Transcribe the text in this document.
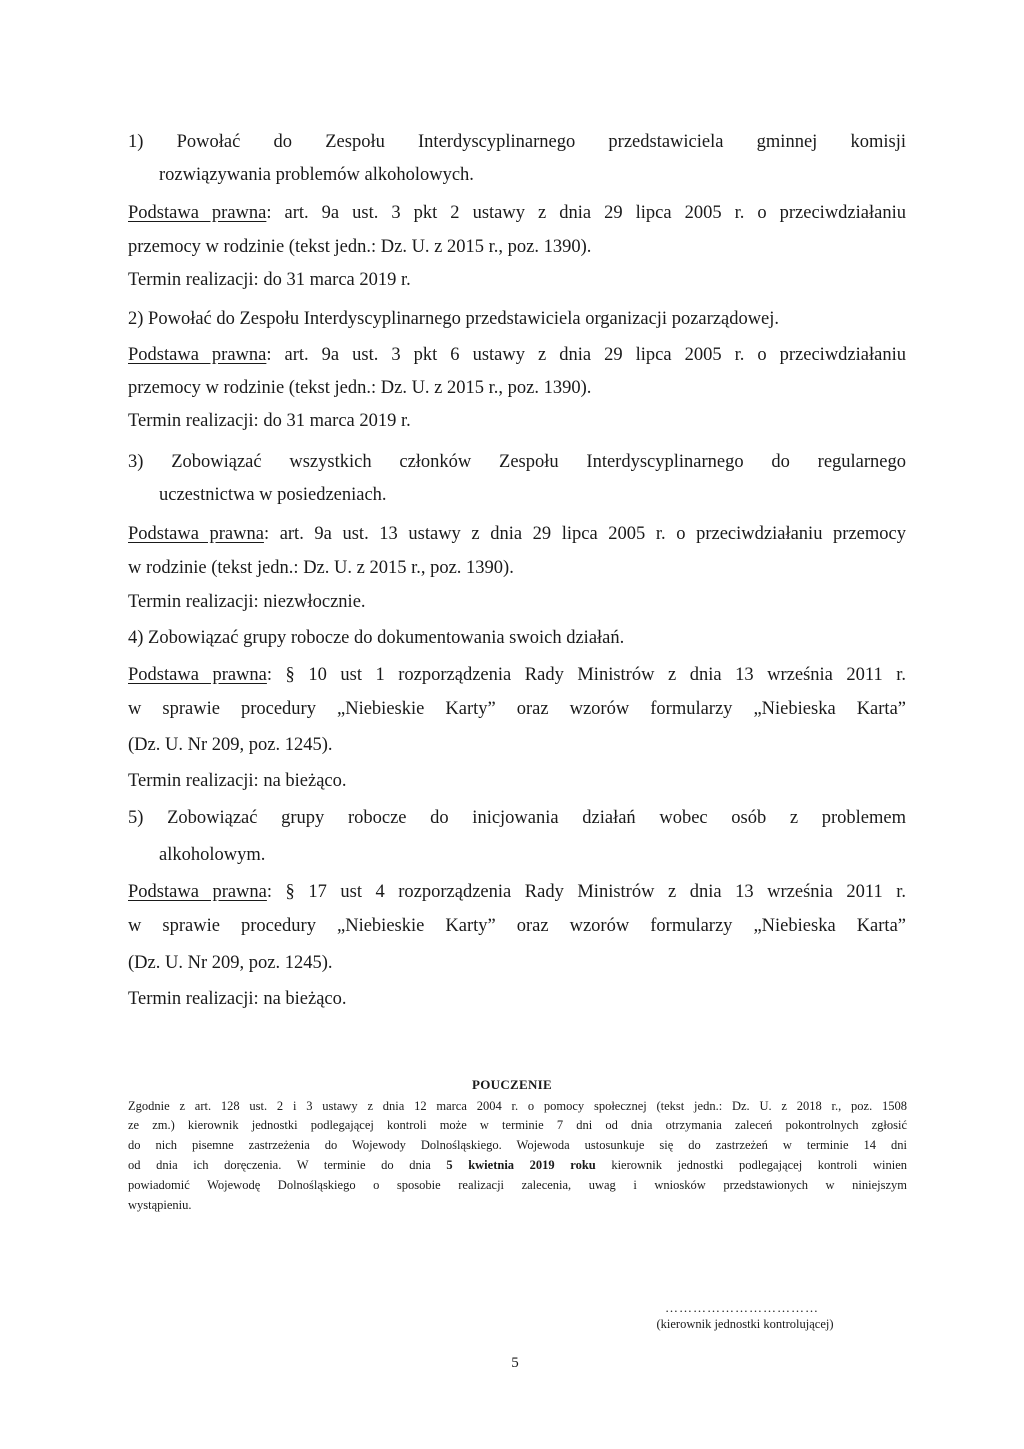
1) Powołać do Zespołu Interdyscyplinarnego przedstawiciela gminnej komisji
rozwiązywania problemów alkoholowych.
Podstawa prawna: art. 9a ust. 3 pkt 2 ustawy z dnia 29 lipca 2005 r. o przeciwdziałaniu
przemocy w rodzinie (tekst jedn.: Dz. U. z 2015 r., poz. 1390).
Termin realizacji: do 31 marca 2019 r.
2) Powołać do Zespołu Interdyscyplinarnego przedstawiciela organizacji pozarządowej.
Podstawa prawna: art. 9a ust. 3 pkt 6 ustawy z dnia 29 lipca 2005 r. o przeciwdziałaniu
przemocy w rodzinie (tekst jedn.: Dz. U. z 2015 r., poz. 1390).
Termin realizacji: do 31 marca 2019 r.
3) Zobowiązać wszystkich członków Zespołu Interdyscyplinarnego do regularnego
uczestnictwa w posiedzeniach.
Podstawa prawna: art. 9a ust. 13 ustawy z dnia 29 lipca 2005 r. o przeciwdziałaniu przemocy
w rodzinie (tekst jedn.: Dz. U. z 2015 r., poz. 1390).
Termin realizacji: niezwłocznie.
4) Zobowiązać grupy robocze do dokumentowania swoich działań.
Podstawa prawna: § 10 ust 1 rozporządzenia Rady Ministrów z dnia 13 września 2011 r.
w sprawie procedury „Niebieskie Karty” oraz wzorów formularzy „Niebieska Karta”
(Dz. U. Nr 209, poz. 1245).
Termin realizacji: na bieżąco.
5) Zobowiązać grupy robocze do inicjowania działań wobec osób z problemem
alkoholowym.
Podstawa prawna: § 17 ust 4 rozporządzenia Rady Ministrów z dnia 13 września 2011 r.
w sprawie procedury „Niebieskie Karty” oraz wzorów formularzy „Niebieska Karta”
(Dz. U. Nr 209, poz. 1245).
Termin realizacji: na bieżąco.
POUCZENIE
Zgodnie z art. 128 ust. 2 i 3 ustawy z dnia 12 marca 2004 r. o pomocy społecznej (tekst jedn.: Dz. U. z 2018 r., poz. 1508
ze zm.) kierownik jednostki podlegającej kontroli może w terminie 7 dni od dnia otrzymania zaleceń pokontrolnych zgłosić
do nich pisemne zastrzeżenia do Wojewody Dolnośląskiego. Wojewoda ustosunkuje się do zastrzeżeń w terminie 14 dni
od dnia ich doręczenia. W terminie do dnia 5 kwietnia 2019 roku kierownik jednostki podlegającej kontroli winien
powiadomić Wojewodę Dolnośląskiego o sposobie realizacji zalecenia, uwag i wniosków przedstawionych w niniejszym
wystąpieniu.
……………………………
(kierownik jednostki kontrolującej)
5
